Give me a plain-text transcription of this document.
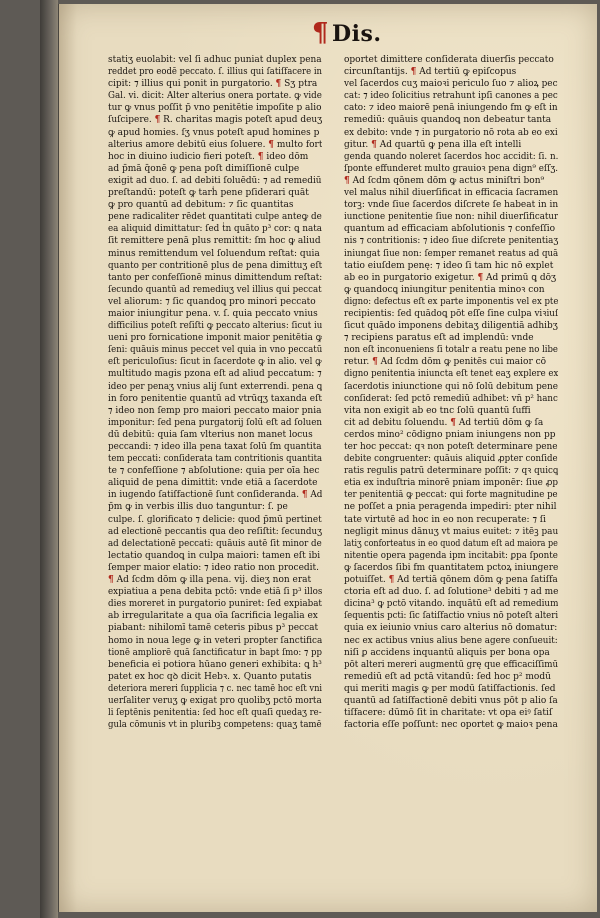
¶ Dis.
statiʒ euolabit: vel ſi adhuc puniat duplex pena
reddet pro eodē peccato. ſ. illius qui ſatiſfacere in
cipit: ⁊ illius qui ponit in purgatorio. ¶ Sʒ ptra
Gal. vi. dicit: Alter alterius onera portate. ꝙ vide
tur ꝙ vnus poſſit p̄ vno penitētie impoſite p alio
ſuſcipere. ¶ R. charitas magis poteſt apud deuʒ
ꝙ apud homies. ſʒ vnus poteſt apud homines p
alterius amore debitū eius ſoluere. ¶ multo fort
hoc in diuino iudicio fieri poteſt. ¶ ideo dōm
ad p̄mā q̄onē ꝙ pena poſt dimiſſionē culpe
exigit ad duo. ſ. ad debiti ſoluēdū: ⁊ ad remediū
preſtandū: poteſt ꝙ tarḣ pene pſiderari quāt
ꝙ pro quantū ad debitum: ⁊ ſic quantitas
pene radicaliter rēdet quantitati culpe anteꝙ de
ea aliquid dimittatur: ſed ṫn quāto p³ cor: ꝗ nata
ſit remittere penā plus remittit: ſm hoc ꝙ aliud
minus remittendum vel ſoluendum reſtat: quia
quanto per contritionē plus de pena dimittuʒ eſt
tanto per confeſſionē minus dimittendum reſtat:
ſecundo quantū ad remediuʒ vel illius qui peccat
vel aliorum: ⁊ ſic quandoꝗ pro minori peccato
maior iniungitur pena. v. ſ. quia peccato vnius
difficilius poteſt reſiſti ꝙ peccato alterius: ſicut iu
ueni pro fornicatione imponit maior penitētia ꝙ
ſeni: quāuis minus peccet vel quia in vno peccatū
eſt periculoſius: ſicut in ſacerdote ꝙ in alio. vel ꝙ
multitudo magis pzona eſt ad aliud peccatum: ⁊
ideo per penaʒ vnius alij ſunt exterrendi. pena ꝗ
in foro penitentie quantū ad vtrūqʒ taxanda eſt
⁊ ideo non ſemp pro maiori peccato maior pnia
imponitur: ſed pena purgatorij ſolū eſt ad ſoluen
dū debitū: quia ſam vlterius non manet locus
peccandi: ⁊ ideo illa pena taxat ſolū ſm quantita
tem peccati: conſiderata tam contritionis quantita
te ⁊ confeſſione ⁊ abſolutione: quia per oīa hec
aliquid de pena dimittit: vnde etiā a ſacerdote
in iugendo ſatiſfactionē ſunt conſideranda. ¶ Ad
p̄m ꝙ in verbis illis duo tanguntur: ſ. pe
culpe. ſ. glorificato ⁊ delicie: quod p̄mū pertinet
ad electionē peccantis qua deo reſiſtit: ſecunduʒ
ad delectationē peccati: quāuis autē ſit minor de
lectatio quandoꝗ in culpa maiori: tamen eſt ibi
ſemper maior elatio: ⁊ ideo ratio non procedit.
¶ Ad ſcdm dōm ꝙ illa pena. vij. dieʒ non erat
expiatiua a pena debita pctō: vnde etiā ſi p³ illos
dies moreret in purgatorio puniret: ſed expiabat
ab irregularitate a qua oīa ſacrificia legalia ex
piabant: nihilomī tamē ceteris pibus p³ peccat
homo in noua lege ꝙ in veteri propter ſanctifica
tionē ampliorē quā ſanctificatur in bapt ſmo: ⁊ pp
beneficia ei potiora hūano generi exhibita: ꝗ h³
patet ex hoc qꝺ dicit Hebꝛ. x. Quanto putatis
deteriora mereri ſupplicia ⁊ c. nec tamē hoc eſt vni
uerſaliter veruʒ ꝙ exigat pro quolibʒ pctō morta
li ſeptēnis penitentia: ſed hoc eſt quaſi quedaʒ re-
gula cōmunis vt in pluribꝫ competens: quaʒ tamē
oportet dimittere conſiderata diuerſis peccato
circunſtantijs. ¶ Ad tertiū ꝙ epiſcopus
vel ſacerdos cuʒ maioꝛi periculo ſuo ⁊ alioꝝ pec
cat: ⁊ ideo ſolicitius retrahunt ipſi canones a pec
cato: ⁊ ideo maiorē penā iniungendo fm ꝙ eſt in
remediū: quāuis quandoꝗ non debeatur tanta
ex debito: vnde ⁊ in purgatorio nō rota ab eo exi
gitur. ¶ Ad quartū ꝙ pena illa eſt intelli
genda quando noleret ſacerdos hoc accidit: ſi. n.
ſponte effunderet multo grauioꝛ pena dign⁹ eſſʒ.
¶ Ad ſcdm qōnem dōm ꝙ actus miniſtri bon⁹
vel malus nihil diuerſificat in efficacia ſacramen
torꝫ: vnde ſiue ſacerdos diſcrete ſe habeat in in
iunctione penitentie ſiue non: nihil diuerſificatur
quantum ad efficaciam abſolutionis ⁊ confeſſio
nis ⁊ contritionis: ⁊ ideo ſiue diſcrete penitentiaʒ
iniungat ſiue non: ſemper remanet reatus ad quā
tatio eiuſdem penę: ⁊ ideo ſi tam hic nō explet
ab eo in purgatorio exigetur. ¶ Ad primū ꝗ dōʒ
ꝙ quandocꝗ iniungitur penitentia minoꝛ con
digno: defectus eſt ex parte imponentis vel ex pte
recipientis: ſed quādoꝗ pōt eſſe ſine culpa viꝛiuſ
ſicut quādo imponens debitaʒ diligentiā adhibʒ
⁊ recipiens paratus eſt ad implendū: vnde
non eſt inconueniens ſi totalr a reatu pene no libe
retur. ¶ Ad ſcdm dōm ꝙ penitēs cui maior cō
digno penitentia iniuncta eſt tenet eaʒ explere ex
ſacerdotis iniunctione qui nō ſolū debitum pene
conſiderat: ſed pctō remediū adhibet: vn̄ p² hanc
vita non exigit ab eo tnc ſolū quantū ſuffi
cit ad debitu ſoluendu. ¶ Ad tertiū dōm ꝙ ſa
cerdos mino² cōdigno pniam iniungens non pp
ter hoc peccat: qꝛ non poteſt determinare pene
debite congruenter: quāuis aliquid ꝓpter conſide
ratis regulis patrū determinare poſſit: ⁊ qꝛ quicꝗ
etia ex induſtria minorē pniam imponēr: ſiue ꝓp
ter penitentiā ꝙ peccat: qui forte magnitudine pe
ne poſſet a pnia peragenda impediri: pter nihil
tate virtutē ad hoc in eo non recuperate: ⁊ ſi
negligit minus dānuʒ vt maius euitet: ⁊ itēꝫ pau
latiʒ conforteatus in eo quod datum eſt ad maiora pe
nitentie opera pagenda ipm incitabit: ꝑpa ſponte
ꝙ ſacerdos ſibi fm quantitatem pctoꝝ iniungere
potuiſſet. ¶ Ad tertiā qōnem dōm ꝙ pena ſatiſfa
ctoria eſt ad duo. ſ. ad ſolutione³ debiti ⁊ ad me
dicina³ ꝙ pctō vitando. inquātū eſt ad remedium
ſequentis pcti: ſic ſatiſfactio vnius nō poteſt alteri
quia ex ieiunio vnius caro alterius nō domatur:
nec ex actibus vnius alius bene agere conſueuit:
niſi ꝑ accidens inquantū aliquis per bona opa
pōt alteri mereri augmentū grę que efficaciſſimū
remediū eſt ad pctā vitandū: ſed hoc p² modū
qui meriti magis ꝙ per modū ſatiſfactionis. ſed
quantū ad ſatiſfactionē debiti vnus pōt p alio ſa
tiſfacere: dūmō ſit in charitate: vt opa eiꝰ ſatiſ
factoria eſſe poſſunt: nec oportet ꝙ maioꝛ pena
